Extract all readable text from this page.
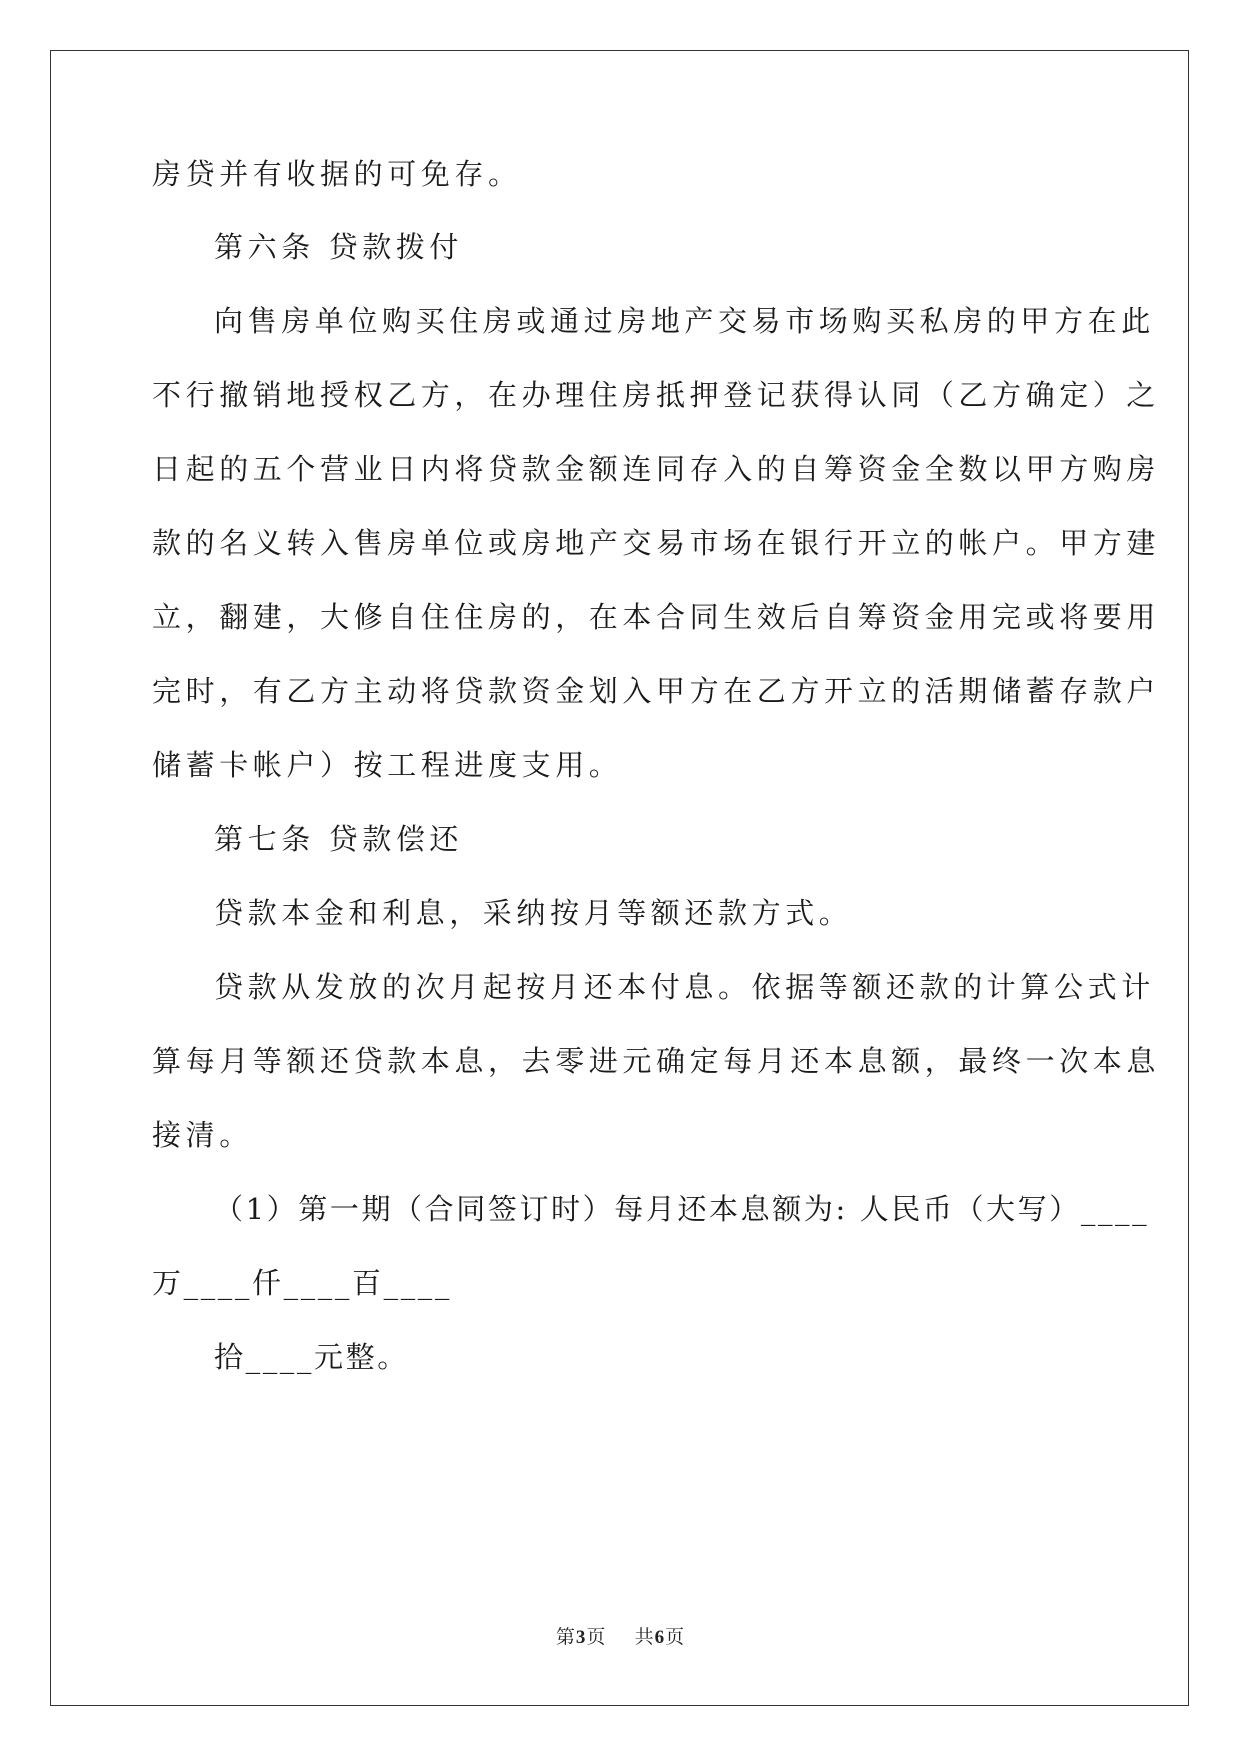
房贷并有收据的可免存。
第六条 贷款拨付
向售房单位购买住房或通过房地产交易市场购买私房的甲方在此
不行撤销地授权乙方，在办理住房抵押登记获得认同（乙方确定）之
日起的五个营业日内将贷款金额连同存入的自筹资金全数以甲方购房
款的名义转入售房单位或房地产交易市场在银行开立的帐户。甲方建
立，翻建，大修自住住房的，在本合同生效后自筹资金用完或将要用
完时，有乙方主动将贷款资金划入甲方在乙方开立的活期储蓄存款户
储蓄卡帐户）按工程进度支用。
第七条 贷款偿还
贷款本金和利息，采纳按月等额还款方式。
贷款从发放的次月起按月还本付息。依据等额还款的计算公式计
算每月等额还贷款本息，去零进元确定每月还本息额，最终一次本息
接清。
（1）第一期（合同签订时）每月还本息额为: 人民币（大写）____
万____仟____百____
拾____元整。
第3页 共6页
